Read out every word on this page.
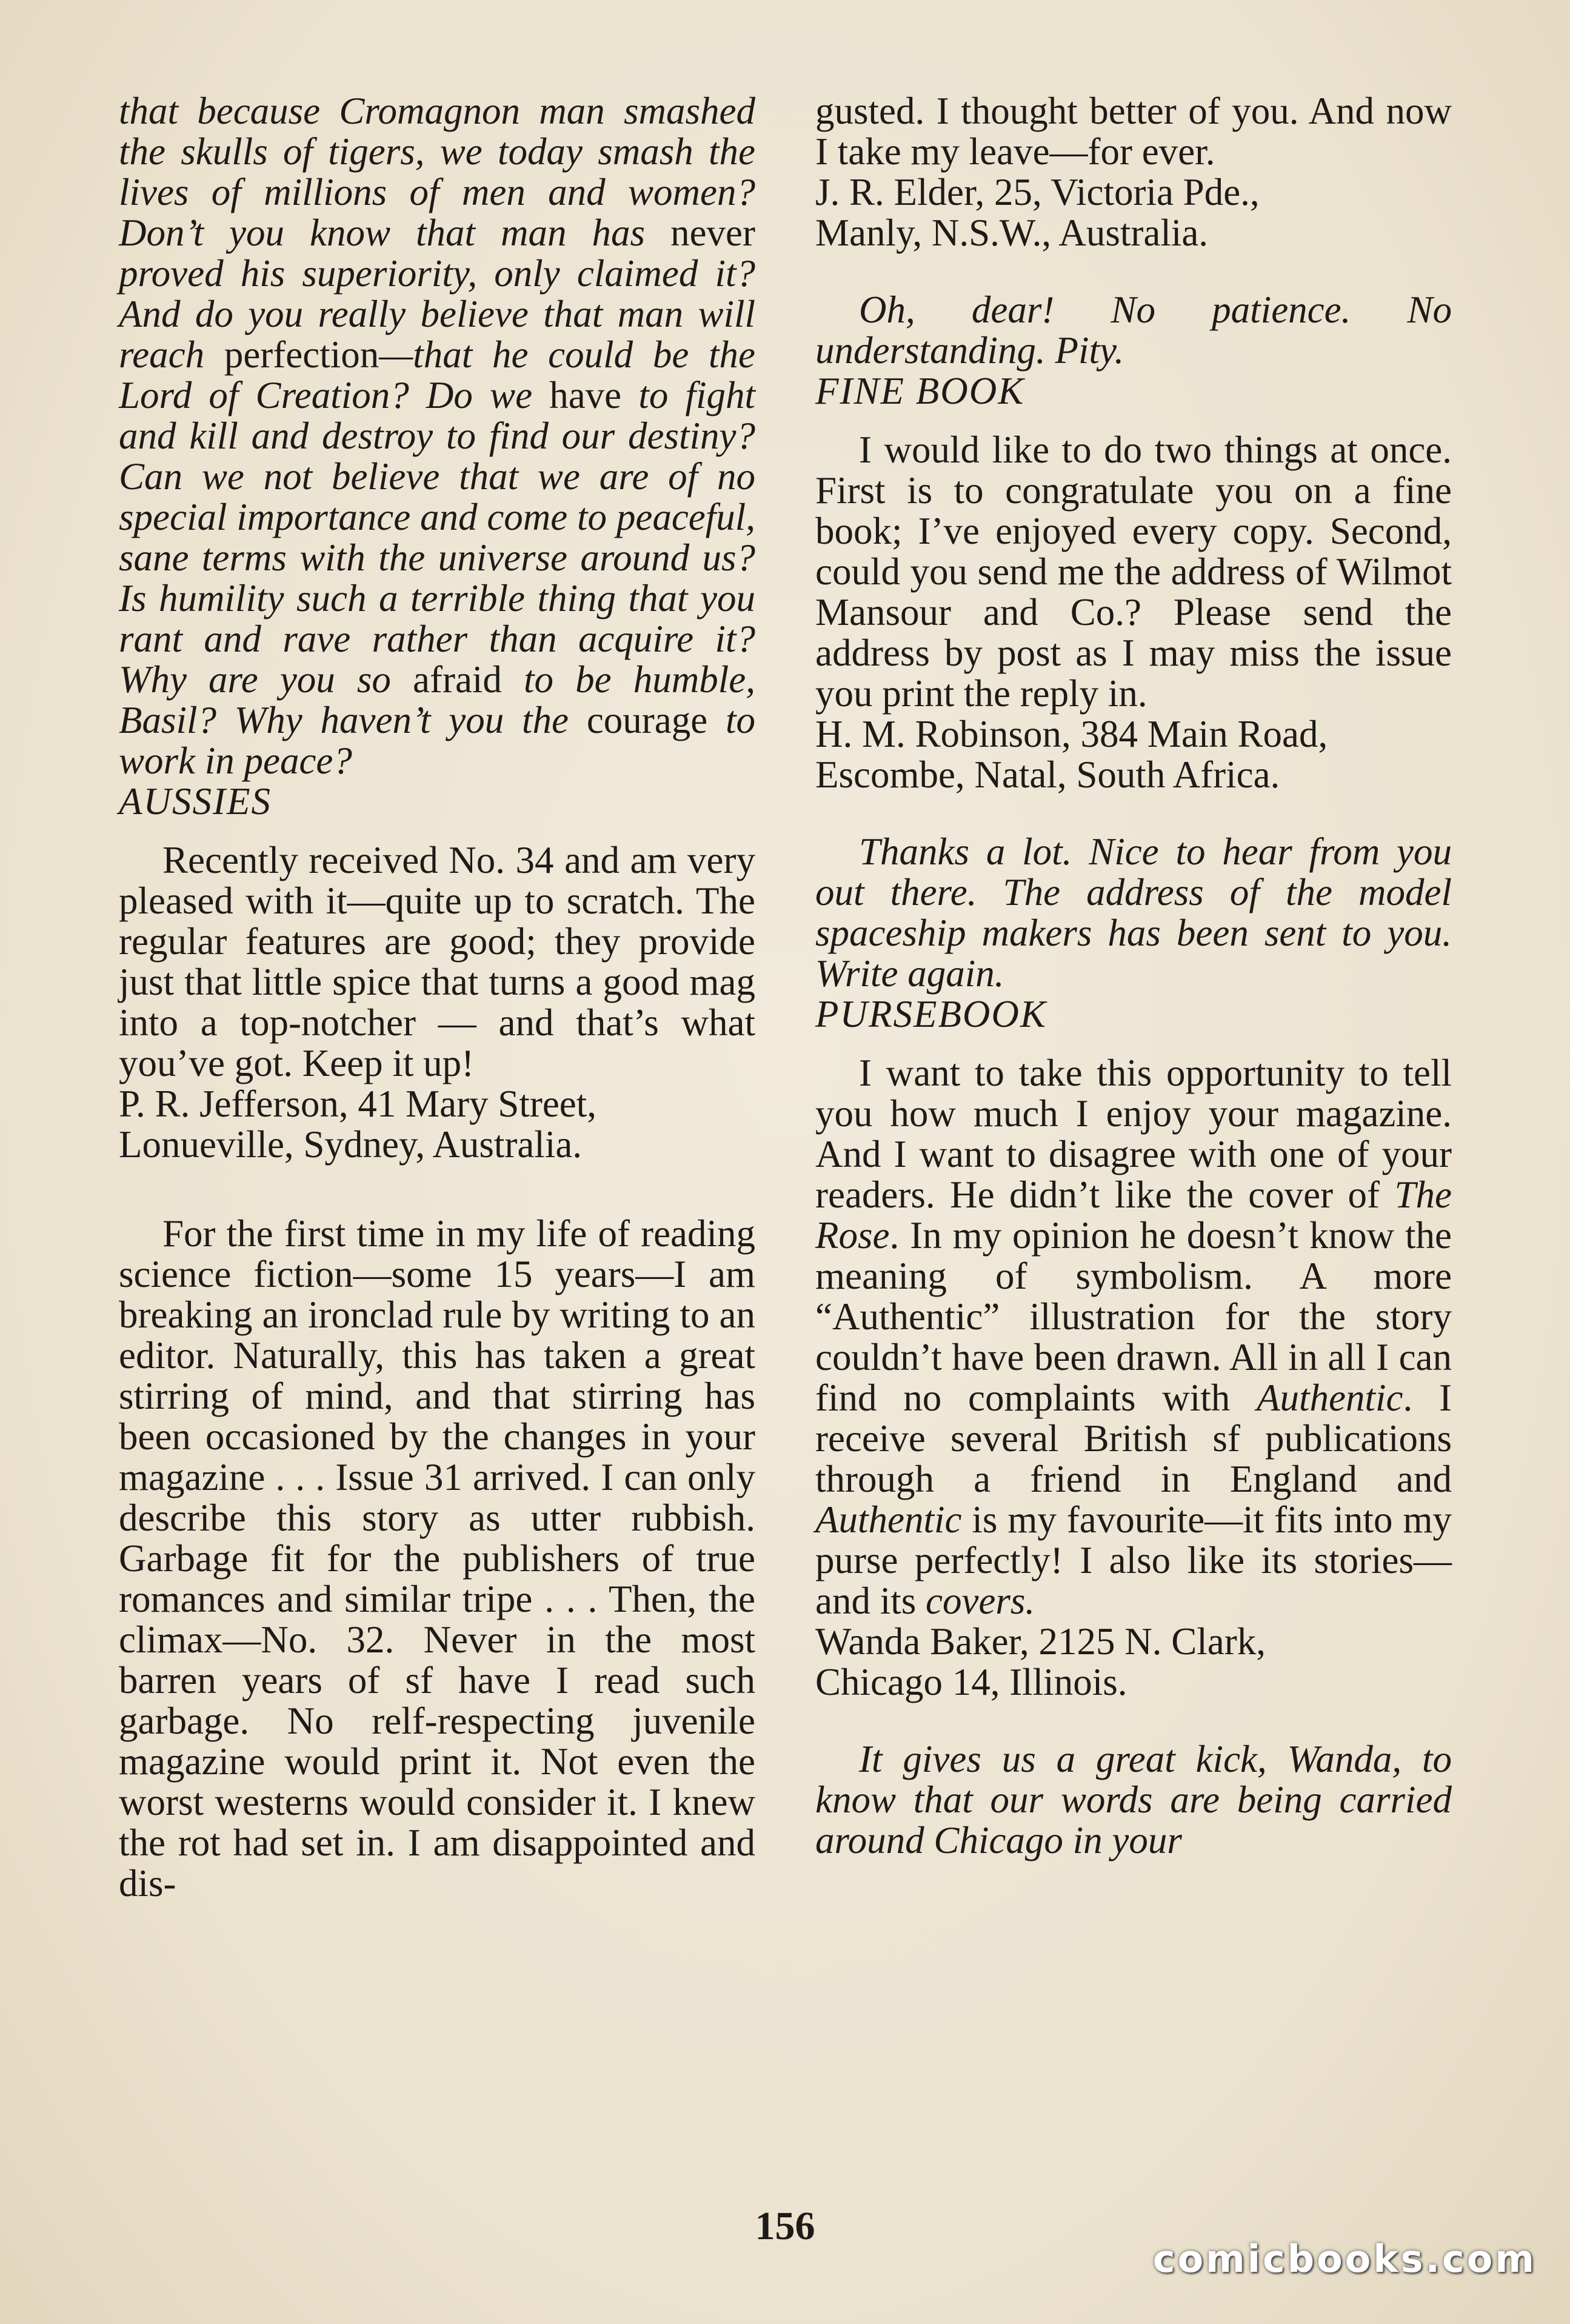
that because Cromagnon man smashed the skulls of tigers, we today smash the lives of millions of men and women? Don’t you know that man has never proved his superiority, only claimed it? And do you really believe that man will reach perfection—that he could be the Lord of Creation? Do we have to fight and kill and destroy to find our destiny? Can we not believe that we are of no special importance and come to peaceful, sane terms with the universe around us? Is humility such a terrible thing that you rant and rave rather than acquire it? Why are you so afraid to be humble, Basil? Why haven’t you the courage to work in peace?

AUSSIES

Recently received No. 34 and am very pleased with it—quite up to scratch. The regular features are good; they provide just that little spice that turns a good mag into a top-notcher — and that’s what you’ve got. Keep it up!

P. R. Jefferson, 41 Mary Street,

Lonueville, Sydney, Australia.

For the first time in my life of reading science fiction—some 15 years—I am breaking an ironclad rule by writing to an editor. Naturally, this has taken a great stirring of mind, and that stirring has been occasioned by the changes in your magazine . . . Issue 31 arrived. I can only describe this story as utter rubbish. Garbage fit for the publishers of true romances and similar tripe . . . Then, the climax—No. 32. Never in the most barren years of sf have I read such garbage. No relf-respecting juvenile magazine would print it. Not even the worst westerns would consider it. I knew the rot had set in. I am disappointed and dis-

gusted. I thought better of you. And now I take my leave—for ever.

J. R. Elder, 25, Victoria Pde.,

Manly, N.S.W., Australia.

Oh, dear! No patience. No understanding. Pity.

FINE BOOK

I would like to do two things at once. First is to congratulate you on a fine book; I’ve enjoyed every copy. Second, could you send me the address of Wilmot Mansour and Co.? Please send the address by post as I may miss the issue you print the reply in.

H. M. Robinson, 384 Main Road,

Escombe, Natal, South Africa.

Thanks a lot. Nice to hear from you out there. The address of the model spaceship makers has been sent to you. Write again.

PURSEBOOK

I want to take this opportunity to tell you how much I enjoy your magazine. And I want to disagree with one of your readers. He didn’t like the cover of The Rose. In my opinion he doesn’t know the meaning of symbolism. A more “Authentic” illustration for the story couldn’t have been drawn. All in all I can find no complaints with Authentic. I receive several British sf publications through a friend in England and Authentic is my favourite—it fits into my purse perfectly! I also like its stories—and its covers.

Wanda Baker, 2125 N. Clark,

Chicago 14, Illinois.

It gives us a great kick, Wanda, to know that our words are being carried around Chicago in your

156
comicbooks.com
